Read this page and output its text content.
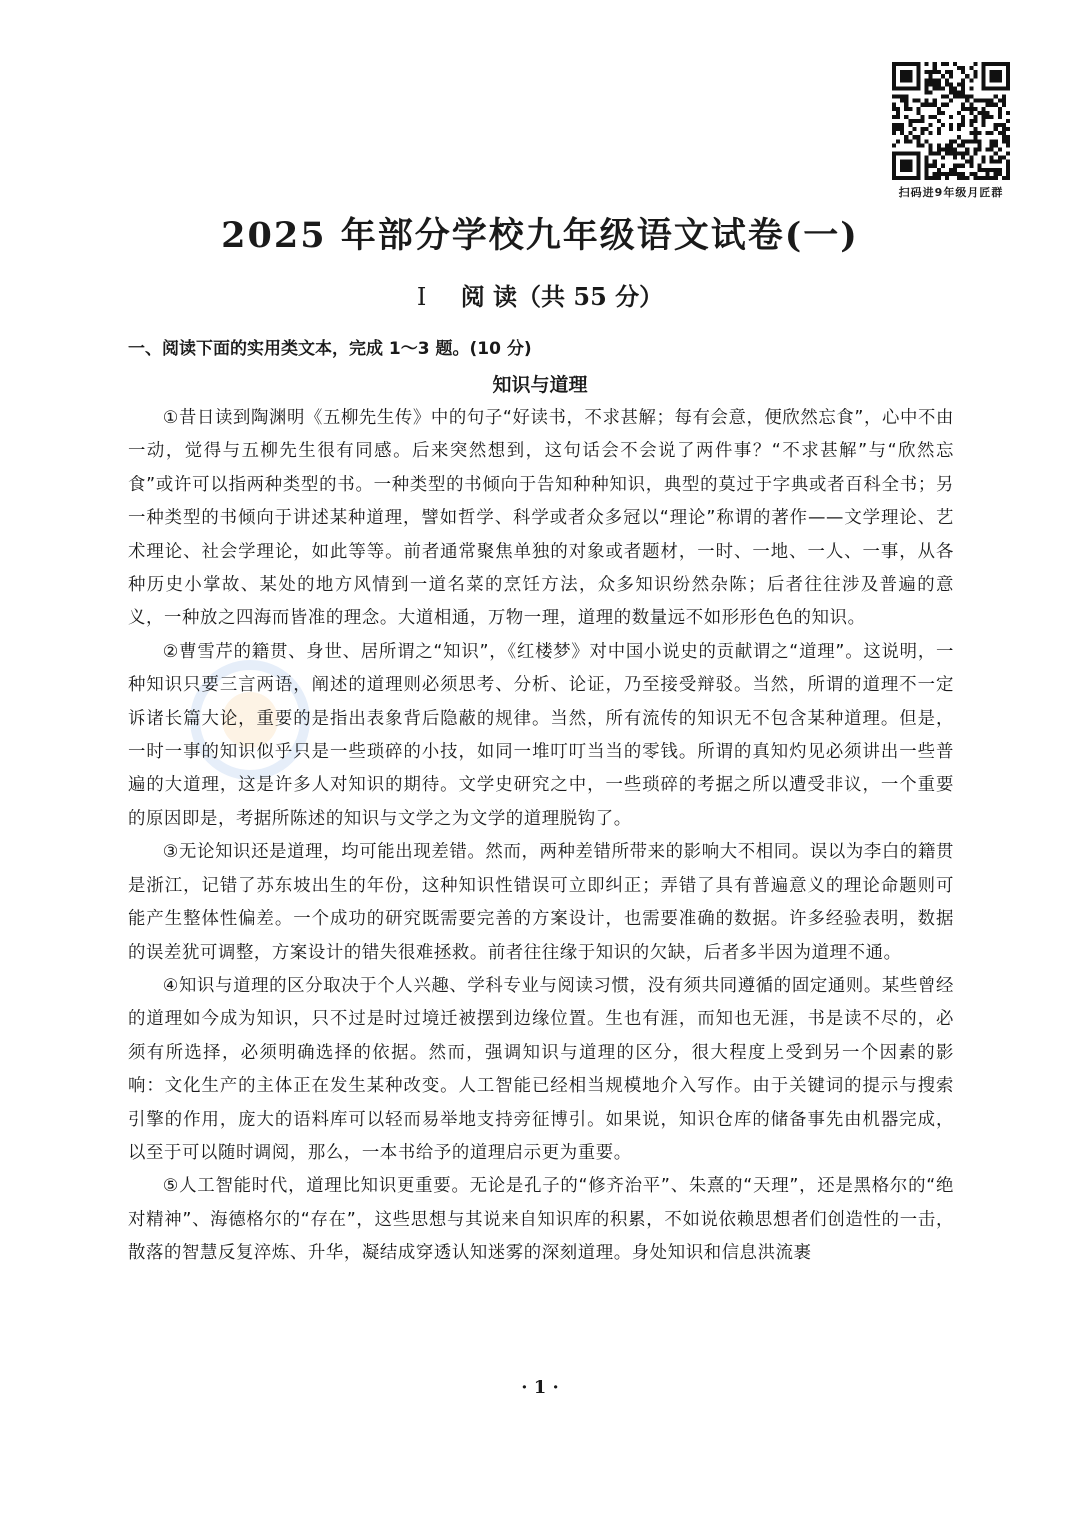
扫码进9年级月匠群
2025 年部分学校九年级语文试卷(一)
Ⅰ 阅 读（共 55 分）
一、阅读下面的实用类文本，完成 1～3 题。(10 分)
知识与道理

①昔日读到陶渊明《五柳先生传》中的句子“好读书，不求甚解；每有会意，便欣然忘食”，心中不由一动，觉得与五柳先生很有同感。后来突然想到，这句话会不会说了两件事？“不求甚解”与“欣然忘食”或许可以指两种类型的书。一种类型的书倾向于告知种种知识，典型的莫过于字典或者百科全书；另一种类型的书倾向于讲述某种道理，譬如哲学、科学或者众多冠以“理论”称谓的著作——文学理论、艺术理论、社会学理论，如此等等。前者通常聚焦单独的对象或者题材，一时、一地、一人、一事，从各种历史小掌故、某处的地方风情到一道名菜的烹饪方法，众多知识纷然杂陈；后者往往涉及普遍的意义，一种放之四海而皆准的理念。大道相通，万物一理，道理的数量远不如形形色色的知识。

②曹雪芹的籍贯、身世、居所谓之“知识”，《红楼梦》对中国小说史的贡献谓之“道理”。这说明，一种知识只要三言两语，阐述的道理则必须思考、分析、论证，乃至接受辩驳。当然，所谓的道理不一定诉诸长篇大论，重要的是指出表象背后隐蔽的规律。当然，所有流传的知识无不包含某种道理。但是，一时一事的知识似乎只是一些琐碎的小技，如同一堆叮叮当当的零钱。所谓的真知灼见必须讲出一些普遍的大道理，这是许多人对知识的期待。文学史研究之中，一些琐碎的考据之所以遭受非议，一个重要的原因即是，考据所陈述的知识与文学之为文学的道理脱钩了。

③无论知识还是道理，均可能出现差错。然而，两种差错所带来的影响大不相同。误以为李白的籍贯是浙江，记错了苏东坡出生的年份，这种知识性错误可立即纠正；弄错了具有普遍意义的理论命题则可能产生整体性偏差。一个成功的研究既需要完善的方案设计，也需要准确的数据。许多经验表明，数据的误差犹可调整，方案设计的错失很难拯救。前者往往缘于知识的欠缺，后者多半因为道理不通。

④知识与道理的区分取决于个人兴趣、学科专业与阅读习惯，没有须共同遵循的固定通则。某些曾经的道理如今成为知识，只不过是时过境迁被摆到边缘位置。生也有涯，而知也无涯，书是读不尽的，必须有所选择，必须明确选择的依据。然而，强调知识与道理的区分，很大程度上受到另一个因素的影响：文化生产的主体正在发生某种改变。人工智能已经相当规模地介入写作。由于关键词的提示与搜索引擎的作用，庞大的语料库可以轻而易举地支持旁征博引。如果说，知识仓库的储备事先由机器完成，以至于可以随时调阅，那么，一本书给予的道理启示更为重要。

⑤人工智能时代，道理比知识更重要。无论是孔子的“修齐治平”、朱熹的“天理”，还是黑格尔的“绝对精神”、海德格尔的“存在”，这些思想与其说来自知识库的积累，不如说依赖思想者们创造性的一击，散落的智慧反复淬炼、升华，凝结成穿透认知迷雾的深刻道理。身处知识和信息洪流裹

· 1 ·
